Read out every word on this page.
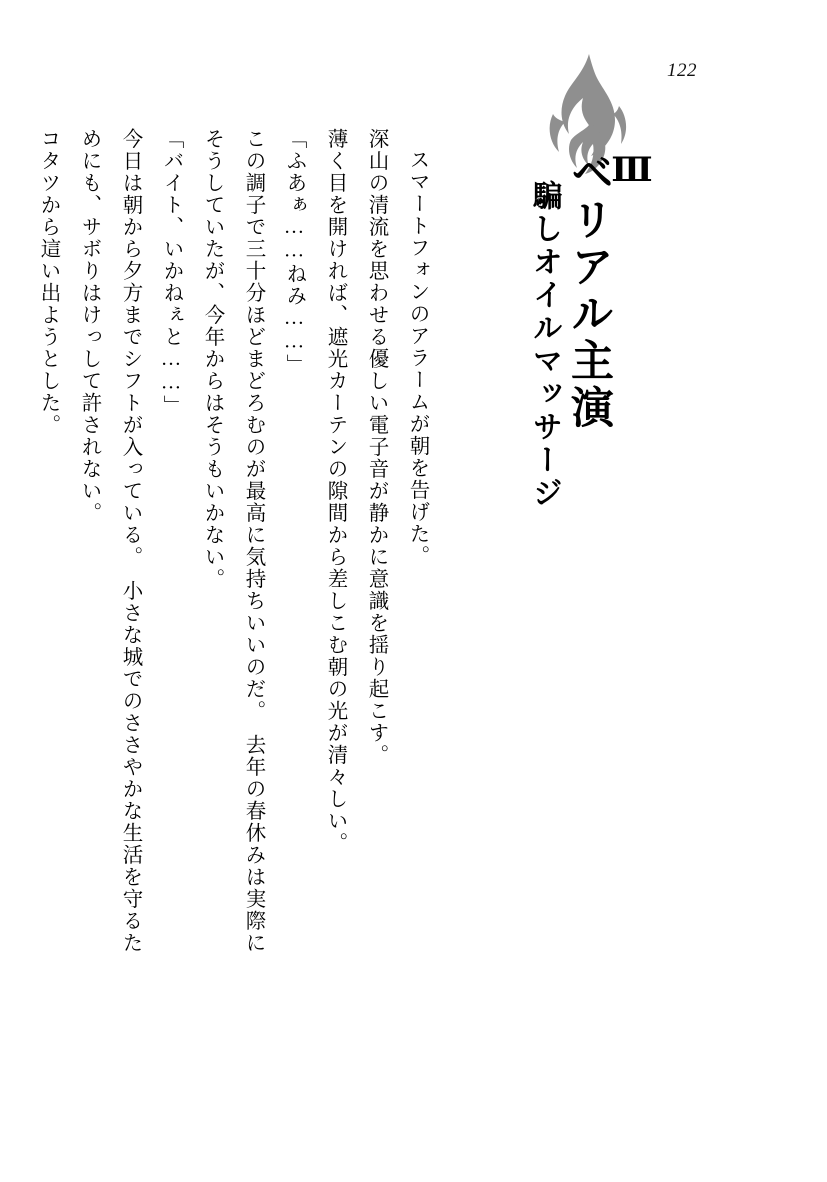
122
Ⅲ
ベリアル主演
騙しオイルマッサージ

スマートフォンのアラームが朝を告げた。

深山の清流を思わせる優しい電子音が静かに意識を揺り起こす。

薄く目を開ければ、遮光カーテンの隙間から差しこむ朝の光が清々しい。

「ふあぁ……ねみ……」

この調子で三十分ほどまどろむのが最高に気持ちいいのだ。　去年の春休みは実際に

そうしていたが、今年からはそうもいかない。

「バイト、いかねぇと……」

今日は朝から夕方までシフトが入っている。　小さな城でのささやかな生活を守るた

めにも、サボりはけっして許されない。

コタツから這い出ようとした。
